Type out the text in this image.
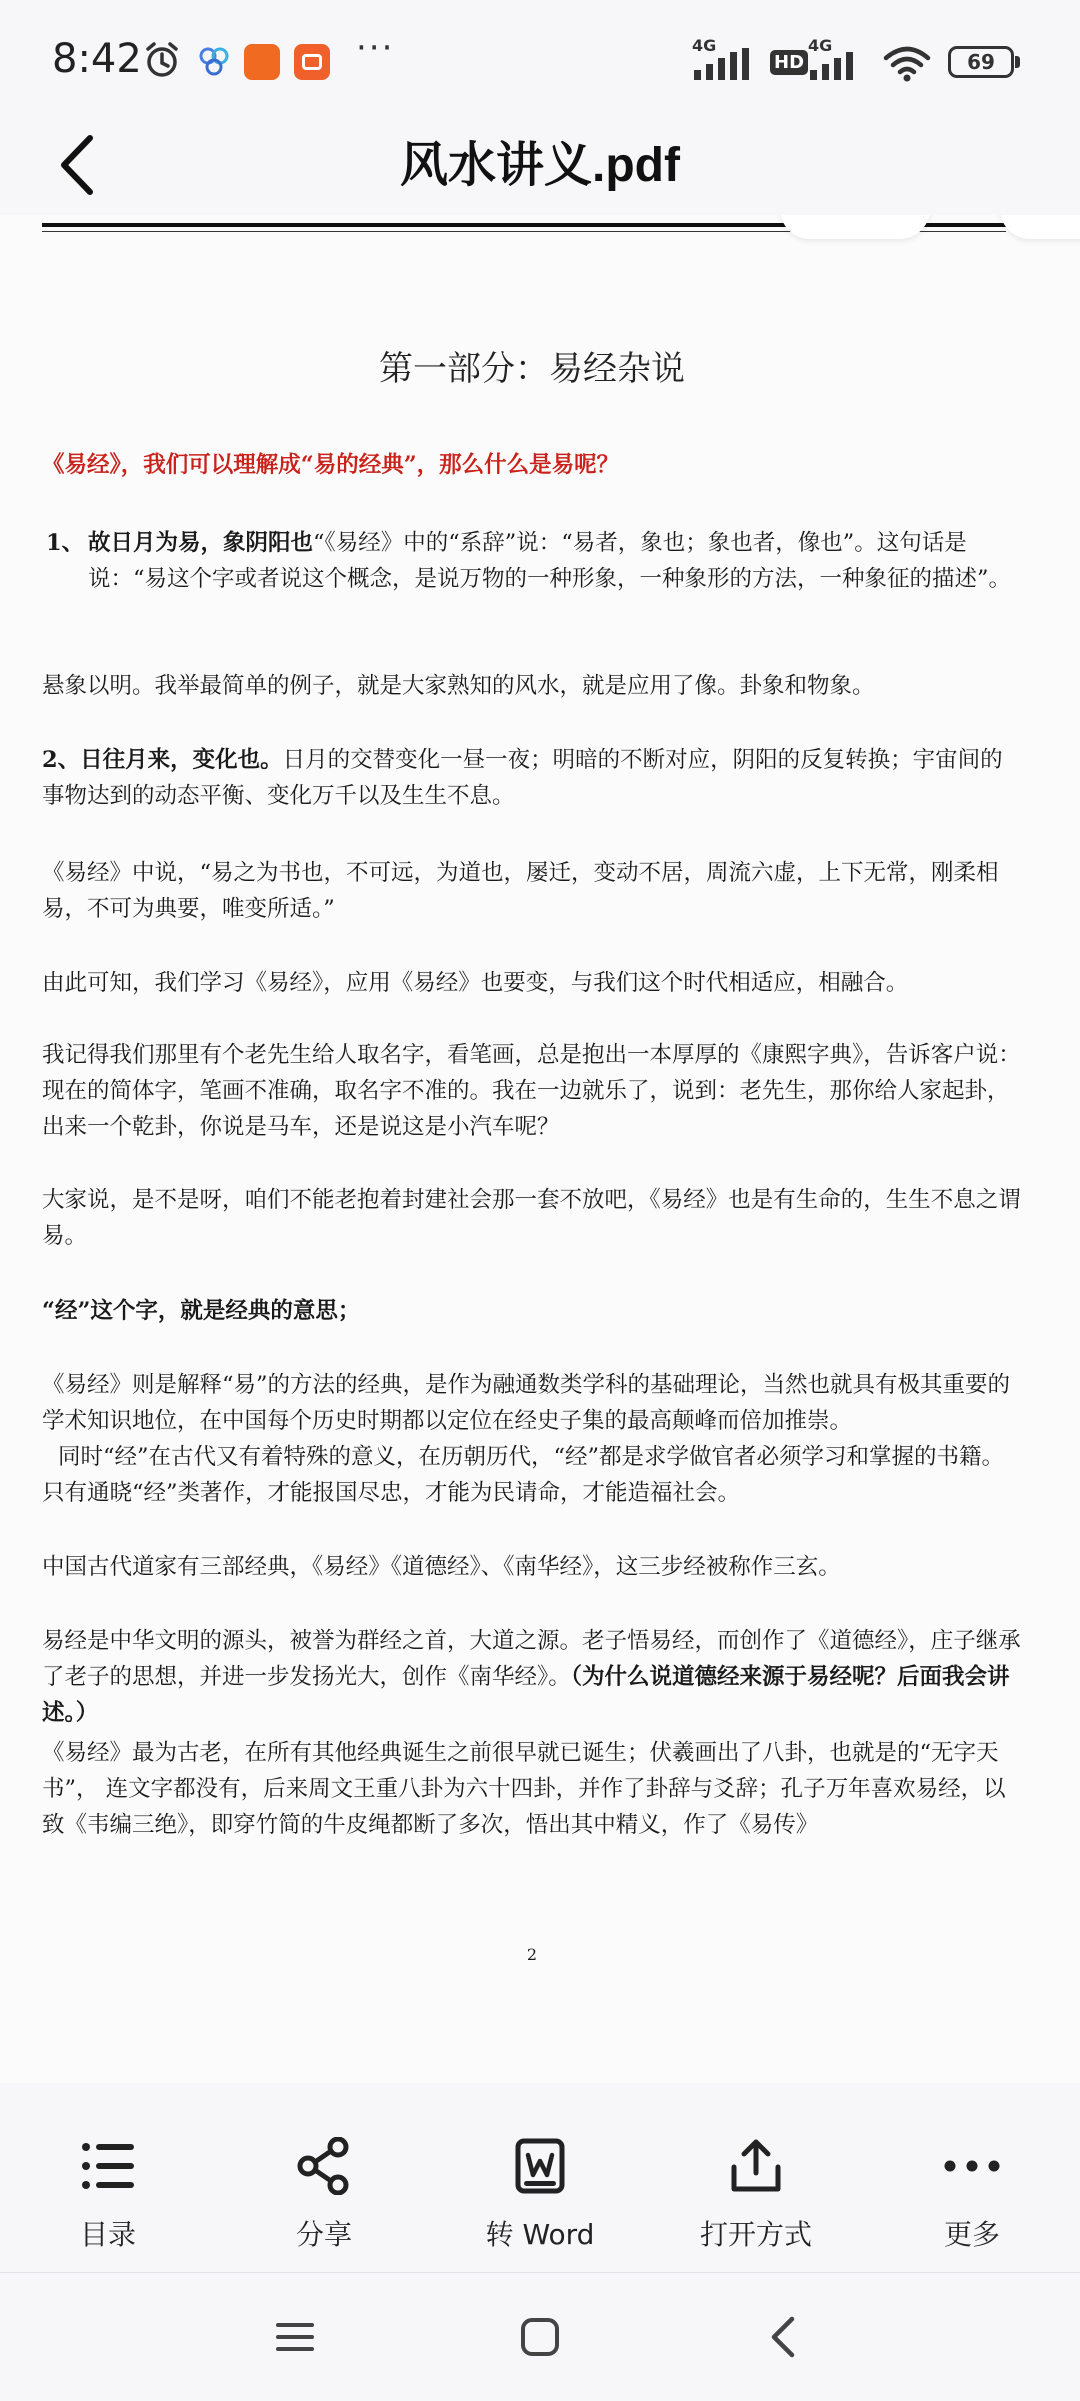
8:42	···	4G
HD
4G
69
风水讲义.pdf
第一部分：易经杂说
《易经》，我们可以理解成“易的经典”，那么什么是易呢？
1、 故日月为易，象阴阳也“《易经》中的“系辞”说：“易者，象也；象也者，像也”。这句话是说：“易这个字或者说这个概念，是说万物的一种形象，一种象形的方法，一种象征的描述”。
悬象以明。我举最简单的例子，就是大家熟知的风水，就是应用了像。卦象和物象。
2、日往月来，变化也。日月的交替变化一昼一夜；明暗的不断对应，阴阳的反复转换；宇宙间的事物达到的动态平衡、变化万千以及生生不息。
《易经》中说，“易之为书也，不可远，为道也，屡迁，变动不居，周流六虚，上下无常，刚柔相易，不可为典要，唯变所适。”
由此可知，我们学习《易经》，应用《易经》也要变，与我们这个时代相适应，相融合。
我记得我们那里有个老先生给人取名字，看笔画，总是抱出一本厚厚的《康熙字典》，告诉客户说：现在的简体字，笔画不准确，取名字不准的。我在一边就乐了，说到：老先生，那你给人家起卦，出来一个乾卦，你说是马车，还是说这是小汽车呢？
大家说，是不是呀，咱们不能老抱着封建社会那一套不放吧，《易经》也是有生命的，生生不息之谓易。
“经”这个字，就是经典的意思；
《易经》则是解释“易”的方法的经典，是作为融通数类学科的基础理论，当然也就具有极其重要的学术知识地位，在中国每个历史时期都以定位在经史子集的最高颠峰而倍加推崇。
同时“经”在古代又有着特殊的意义，在历朝历代，“经”都是求学做官者必须学习和掌握的书籍。只有通晓“经”类著作，才能报国尽忠，才能为民请命，才能造福社会。
中国古代道家有三部经典，《易经》《道德经》、《南华经》，这三步经被称作三玄。
易经是中华文明的源头，被誉为群经之首，大道之源。老子悟易经，而创作了《道德经》，庄子继承了老子的思想，并进一步发扬光大，创作《南华经》。（为什么说道德经来源于易经呢？后面我会讲述。）
《易经》最为古老，在所有其他经典诞生之前很早就已诞生；伏羲画出了八卦，也就是的“无字天书”， 连文字都没有，后来周文王重八卦为六十四卦，并作了卦辞与爻辞；孔子万年喜欢易经，以致《韦编三绝》，即穿竹简的牛皮绳都断了多次，悟出其中精义，作了《易传》
2
目录	分享	转 Word	打开方式	更多
